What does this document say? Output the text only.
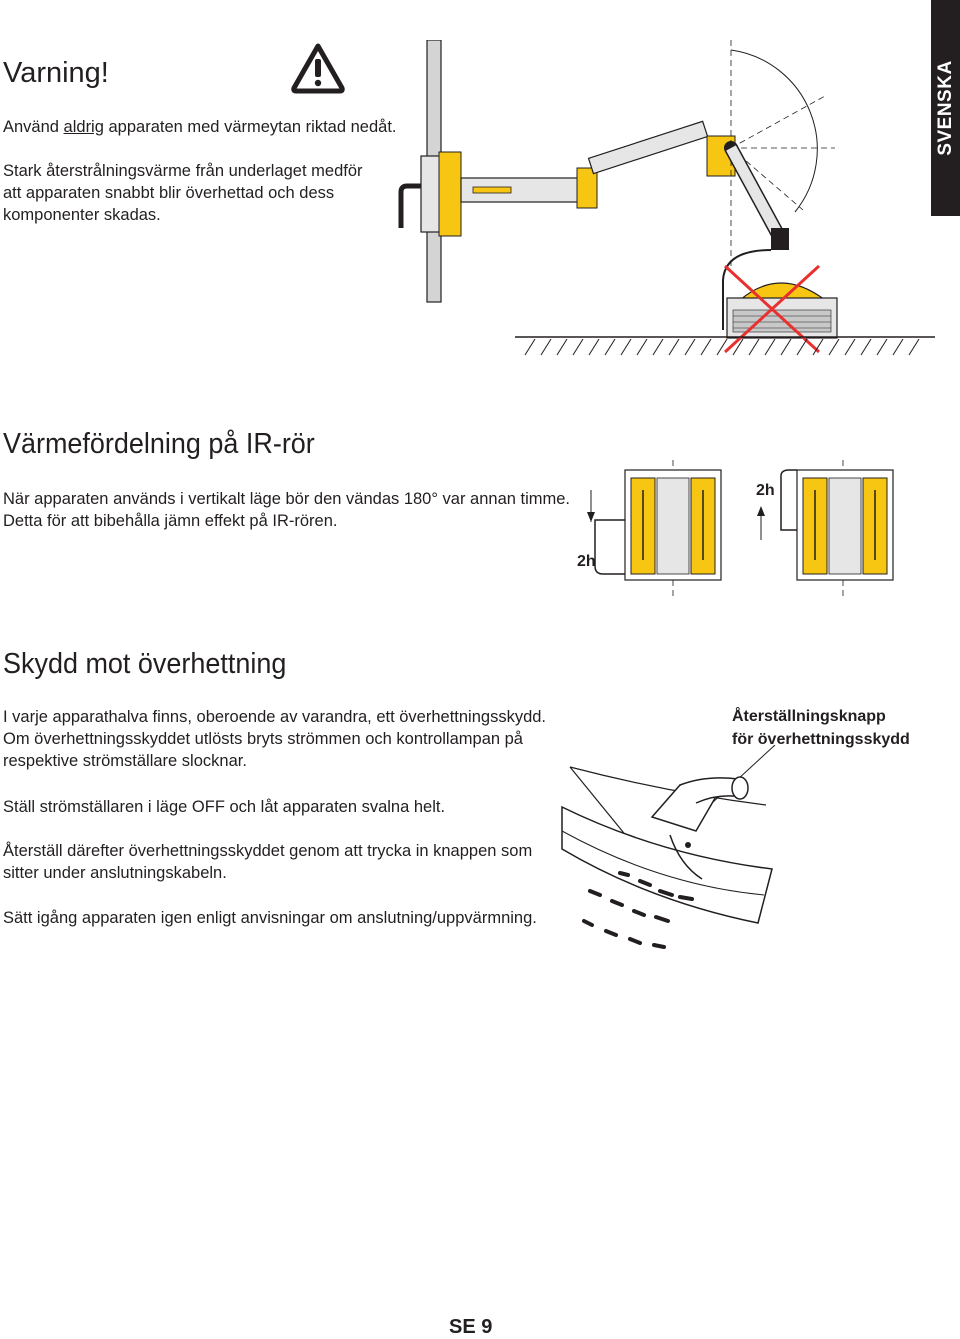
SVENSKA
Varning!
Använd aldrig apparaten med värmeytan riktad nedåt.
Stark återstrålningsvärme från underlaget medför
att apparaten snabbt blir överhettad och dess
komponenter skadas.
Värmefördelning på IR-rör
När apparaten används i vertikalt läge bör den vändas 180° var annan timme.
Detta för att bibehålla jämn effekt på IR-rören.
2h
2h
Skydd mot överhettning
I varje apparathalva finns, oberoende av varandra, ett överhettningsskydd.
Om överhettningsskyddet utlösts bryts strömmen och kontrollampan på
respektive strömställare slocknar.
Ställ strömställaren i läge OFF och låt apparaten svalna helt.
Återställ därefter överhettningsskyddet genom att trycka in knappen som
sitter under anslutningskabeln.
Sätt igång apparaten igen enligt anvisningar om anslutning/uppvärmning.
Återställningsknapp
för överhettningsskydd
SE 9
